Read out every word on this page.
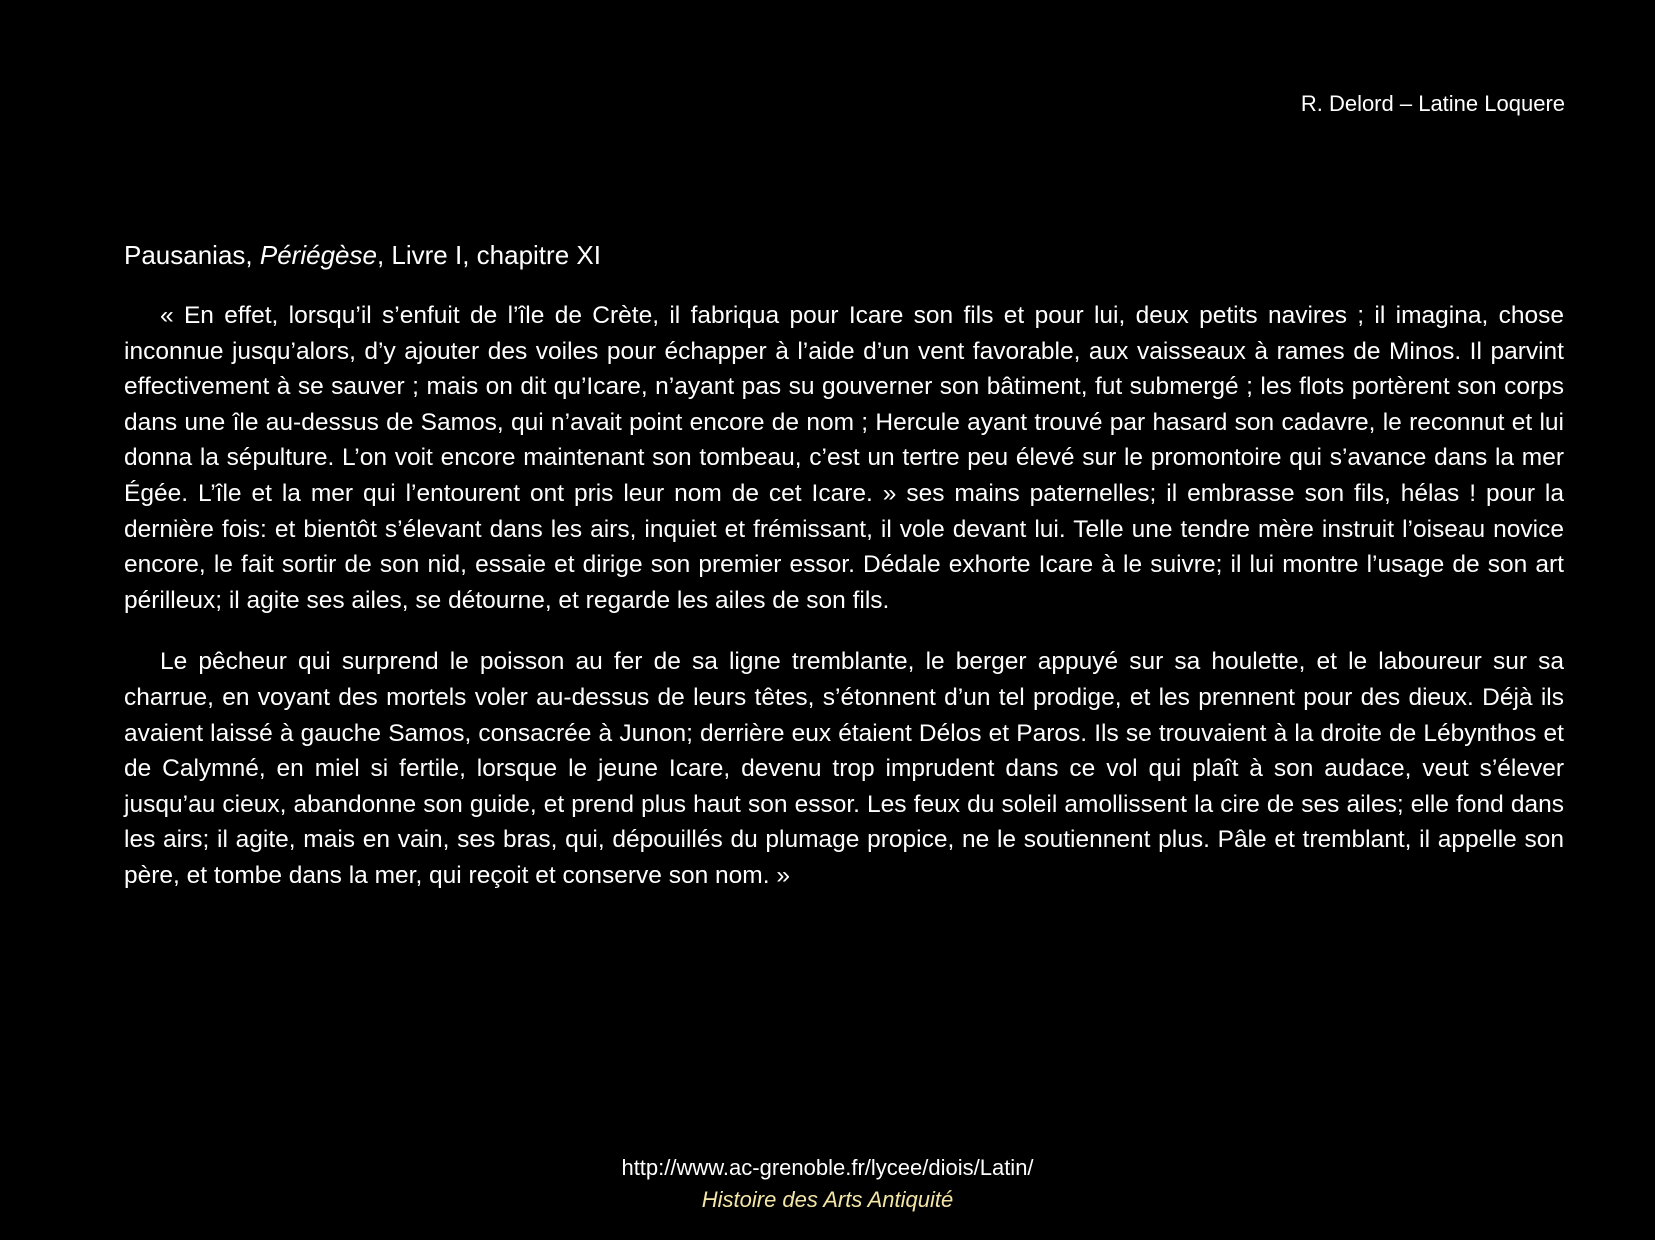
R. Delord – Latine Loquere

Pausanias, Périégèse, Livre I, chapitre XI

« En effet, lorsqu’il s’enfuit de l’île de Crète, il fabriqua pour Icare son fils et pour lui, deux petits navires ; il imagina, chose inconnue jusqu’alors, d’y ajouter des voiles pour échapper à l’aide d’un vent favorable, aux vaisseaux à rames de Minos. Il parvint effectivement à se sauver ; mais on dit qu’Icare, n’ayant pas su gouverner son bâtiment, fut submergé ; les flots portèrent son corps dans une île au-dessus de Samos, qui n’avait point encore de nom ; Hercule ayant trouvé par hasard son cadavre, le reconnut et lui donna la sépulture. L’on voit encore maintenant son tombeau, c’est un tertre peu élevé sur le promontoire qui s’avance dans la mer Égée. L’île et la mer qui l’entourent ont pris leur nom de cet Icare. » ses mains paternelles; il embrasse son fils, hélas ! pour la dernière fois: et bientôt s’élevant dans les airs, inquiet et frémissant, il vole devant lui. Telle une tendre mère instruit l’oiseau novice encore, le fait sortir de son nid, essaie et dirige son premier essor. Dédale exhorte Icare à le suivre; il lui montre l’usage de son art périlleux; il agite ses ailes, se détourne, et regarde les ailes de son fils.

Le pêcheur qui surprend le poisson au fer de sa ligne tremblante, le berger appuyé sur sa houlette, et le laboureur sur sa charrue, en voyant des mortels voler au-dessus de leurs têtes, s’étonnent d’un tel prodige, et les prennent pour des dieux. Déjà ils avaient laissé à gauche Samos, consacrée à Junon; derrière eux étaient Délos et Paros. Ils se trouvaient à la droite de Lébynthos et de Calymné, en miel si fertile, lorsque le jeune Icare, devenu trop imprudent dans ce vol qui plaît à son audace, veut s’élever jusqu’au cieux, abandonne son guide, et prend plus haut son essor. Les feux du soleil amollissent la cire de ses ailes; elle fond dans les airs; il agite, mais en vain, ses bras, qui, dépouillés du plumage propice, ne le soutiennent plus. Pâle et tremblant, il appelle son père, et tombe dans la mer, qui reçoit et conserve son nom. »

http://www.ac-grenoble.fr/lycee/diois/Latin/
Histoire des Arts Antiquité
